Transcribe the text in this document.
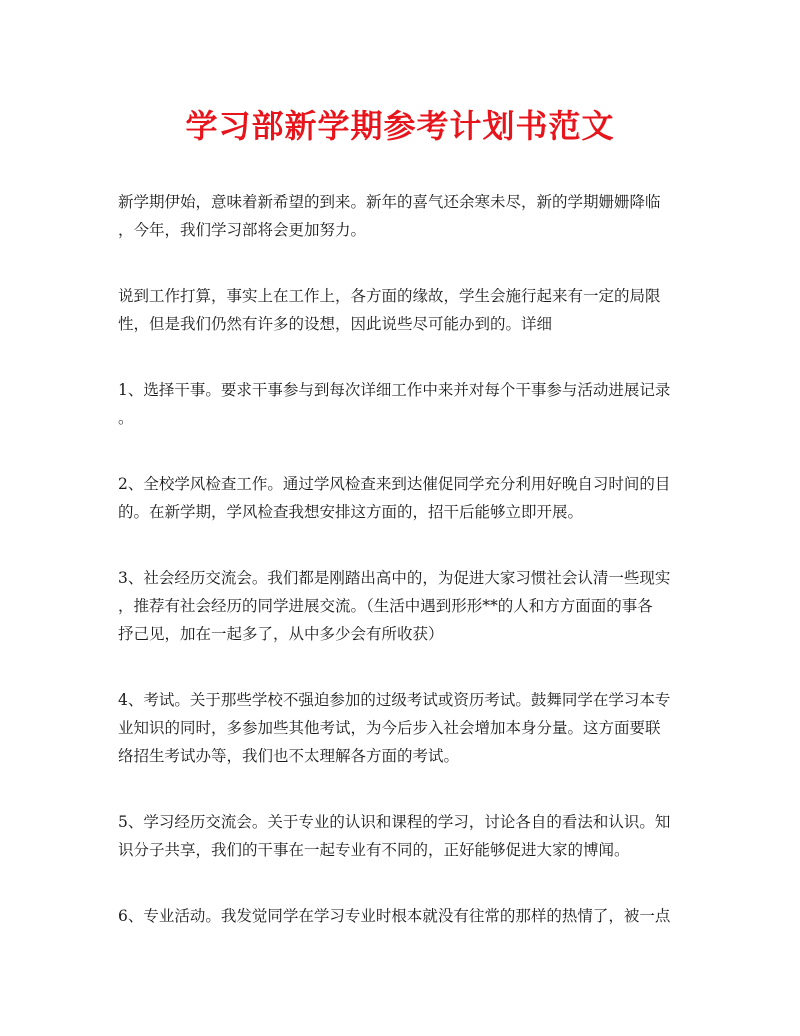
学习部新学期参考计划书范文

新学期伊始，意味着新希望的到来。新年的喜气还余寒未尽，新的学期姗姗降临
，今年，我们学习部将会更加努力。

说到工作打算，事实上在工作上，各方面的缘故，学生会施行起来有一定的局限
性，但是我们仍然有许多的设想，因此说些尽可能办到的。详细

1、选择干事。要求干事参与到每次详细工作中来并对每个干事参与活动进展记录
。

2、全校学风检查工作。通过学风检查来到达催促同学充分利用好晚自习时间的目
的。在新学期，学风检查我想安排这方面的，招干后能够立即开展。

3、社会经历交流会。我们都是刚踏出高中的，为促进大家习惯社会认清一些现实
，推荐有社会经历的同学进展交流。（生活中遇到形形**的人和方方面面的事各
抒己见，加在一起多了，从中多少会有所收获）

4、考试。关于那些学校不强迫参加的过级考试或资历考试。鼓舞同学在学习本专
业知识的同时，多参加些其他考试，为今后步入社会增加本身分量。这方面要联
络招生考试办等，我们也不太理解各方面的考试。

5、学习经历交流会。关于专业的认识和课程的学习，讨论各自的看法和认识。知
识分子共享，我们的干事在一起专业有不同的，正好能够促进大家的博闻。

6、专业活动。我发觉同学在学习专业时根本就没有往常的那样的热情了，被一点
